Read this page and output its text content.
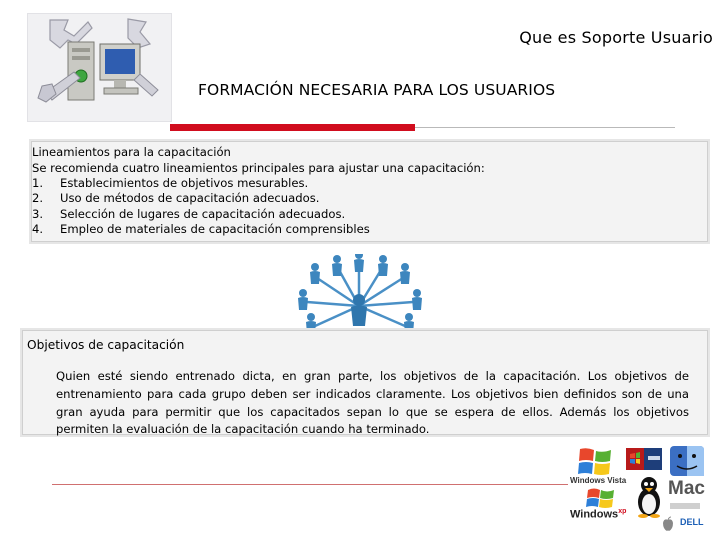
Que es Soporte Usuario
FORMACIÓN NECESARIA PARA LOS USUARIOS
Lineamientos para la capacitación
Se recomienda cuatro lineamientos principales para ajustar una capacitación:
1. Establecimientos de objetivos mesurables.
2. Uso de métodos de capacitación adecuados.
3. Selección de lugares de capacitación adecuados.
4. Empleo de materiales de capacitación comprensibles
Objetivos de capacitación
Quien esté siendo entrenado dicta, en gran parte, los objetivos de la capacitación. Los objetivos de entrenamiento para cada grupo deben ser indicados claramente. Los objetivos bien definidos son de una gran ayuda para permitir que los capacitados sepan lo que se espera de ellos. Además los objetivos permiten la evaluación de la capacitación cuando ha terminado.
Windows Vista
Windows$^{xp}$
Mac
DELL
